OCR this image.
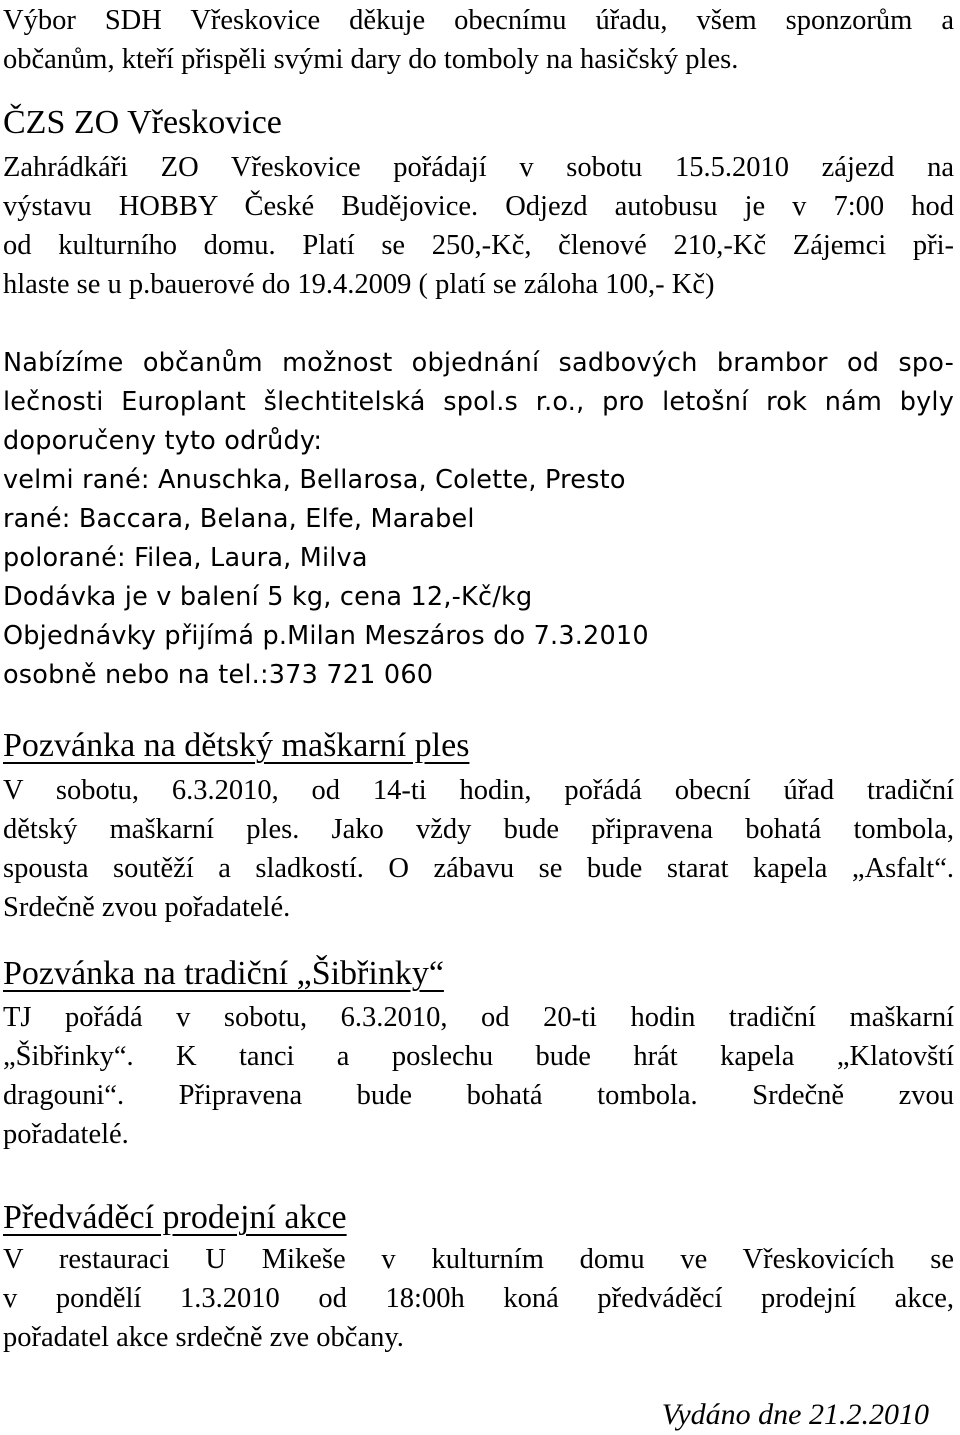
Výbor SDH Vřeskovice děkuje obecnímu úřadu, všem sponzorům a
občanům, kteří přispěli svými dary do tomboly na hasičský ples.
ČZS ZO Vřeskovice
Zahrádkáři ZO Vřeskovice pořádají v sobotu 15.5.2010 zájezd na
výstavu HOBBY České Budějovice. Odjezd autobusu je v 7:00 hod
od kulturního domu. Platí se 250,-Kč, členové 210,-Kč Zájemci při-
hlaste se u p.bauerové do 19.4.2009 ( platí se záloha 100,- Kč)
Nabízíme občanům možnost objednání sadbových brambor od spo-
lečnosti Europlant šlechtitelská spol.s r.o., pro letošní rok nám byly
doporučeny tyto odrůdy:
velmi rané: Anuschka, Bellarosa, Colette, Presto
rané: Baccara, Belana, Elfe, Marabel
polorané: Filea, Laura, Milva
Dodávka je v balení 5 kg, cena 12,-Kč/kg
Objednávky přijímá p.Milan Meszáros do 7.3.2010
osobně nebo na tel.:373 721 060
Pozvánka na dětský maškarní ples
V sobotu, 6.3.2010, od 14-ti hodin, pořádá obecní úřad tradiční
dětský maškarní ples. Jako vždy bude připravena bohatá tombola,
spousta soutěží a sladkostí. O zábavu se bude starat kapela „Asfalt“.
Srdečně zvou pořadatelé.
Pozvánka na tradiční „Šibřinky“
TJ pořádá v sobotu, 6.3.2010, od 20-ti hodin tradiční maškarní
„Šibřinky“. K tanci a poslechu bude hrát kapela „Klatovští
dragouni“. Připravena bude bohatá tombola. Srdečně zvou
pořadatelé.
Předváděcí prodejní akce
V restauraci U Mikeše v kulturním domu ve Vřeskovicích se
v pondělí 1.3.2010 od 18:00h koná předváděcí prodejní akce,
pořadatel akce srdečně zve občany.
Vydáno dne 21.2.2010
